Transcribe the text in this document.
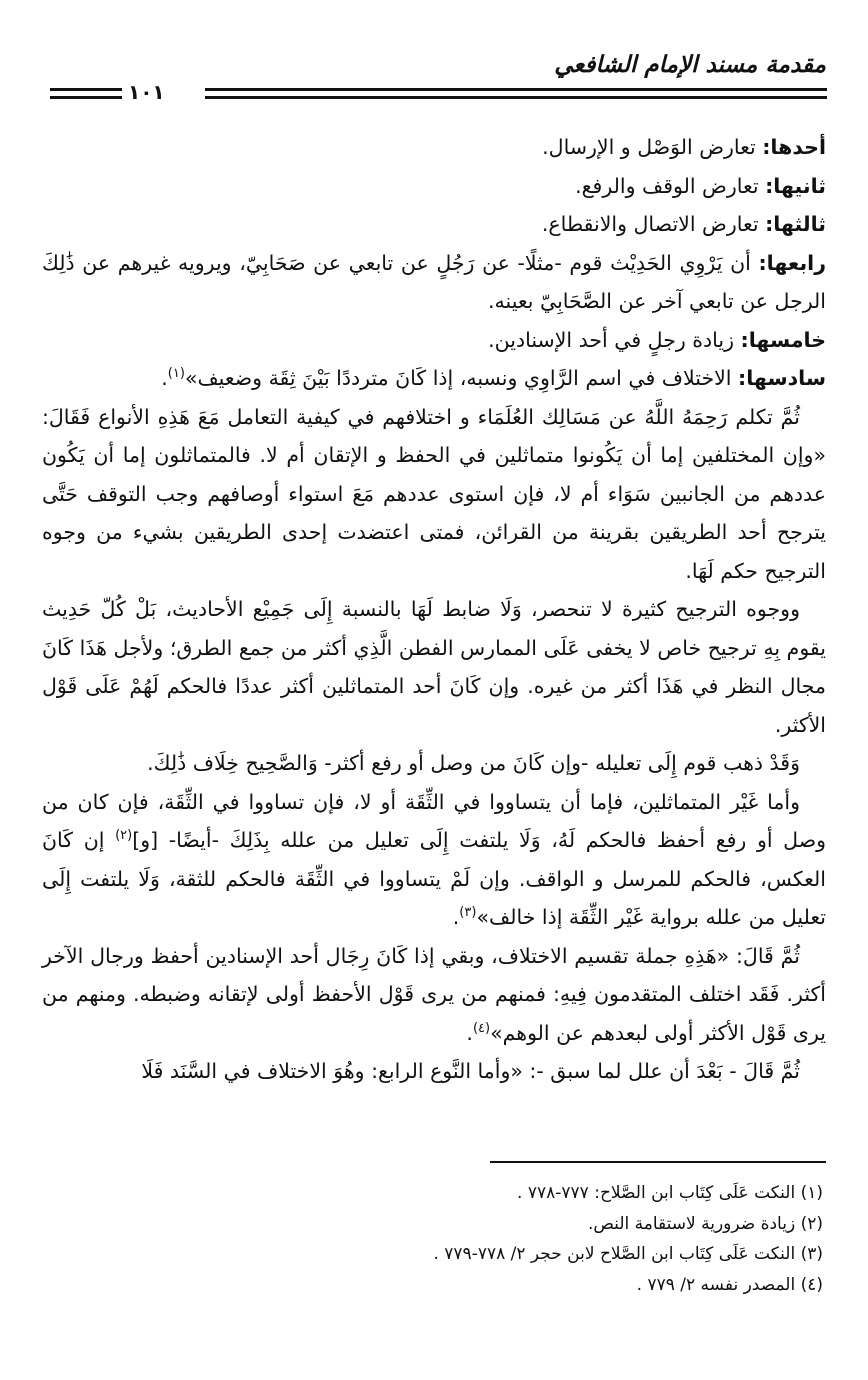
مقدمة مسند الإمام الشافعي
١٠١

أحدها: تعارض الوَصْل و الإرسال.

ثانيها: تعارض الوقف والرفع.

ثالثها: تعارض الاتصال والانقطاع.

رابعها: أن يَرْوِي الحَدِيْث قوم -مثلًا- عن رَجُلٍ عن تابعي عن صَحَابِيّ، ويرويه غيرهم عن ذَٰلِكَ الرجل عن تابعي آخر عن الصَّحَابِيّ بعينه.

خامسها: زيادة رجلٍ في أحد الإسنادين.

سادسها: الاختلاف في اسم الرَّاوِي ونسبه، إذا كَانَ مترددًا بَيْنَ ثِقَة وضعيف»$^{(١)}$.

ثُمَّ تكلم رَحِمَهُ اللَّهُ عن مَسَالِك العُلَمَاء و اختلافهم في كيفية التعامل مَعَ هَذِهِ الأنواع فَقَالَ: «وإن المختلفين إما أن يَكُونوا متماثلين في الحفظ و الإتقان أم لا. فالمتماثلون إما أن يَكُون عددهم من الجانبين سَوَاء أم لا، فإن استوى عددهم مَعَ استواء أوصافهم وجب التوقف حَتَّى يترجح أحد الطريقين بقرينة من القرائن، فمتى اعتضدت إحدى الطريقين بشيء من وجوه الترجيح حكم لَهَا.

ووجوه الترجيح كثيرة لا تنحصر، وَلَا ضابط لَهَا بالنسبة إِلَى جَمِيْع الأحاديث، بَلْ كُلّ حَدِيث يقوم بِهِ ترجيح خاص لا يخفى عَلَى الممارس الفطن الَّذِي أكثر من جمع الطرق؛ ولأجل هَذَا كَانَ مجال النظر في هَذَا أكثر من غيره. وإن كَانَ أحد المتماثلين أكثر عددًا فالحكم لَهُمْ عَلَى قَوْل الأكثر.

وَقَدْ ذهب قوم إِلَى تعليله -وإن كَانَ من وصل أو رفع أكثر- وَالصَّحِيح خِلَاف ذَٰلِكَ.

وأما غَيْر المتماثلين، فإما أن يتساووا في الثِّقَة أو لا، فإن تساووا في الثِّقَة، فإن كان من وصل أو رفع أحفظ فالحكم لَهُ، وَلَا يلتفت إِلَى تعليل من علله بِذَلِكَ -أيضًا- [و]$^{(٢)}$ إن كَانَ العكس، فالحكم للمرسل و الواقف. وإن لَمْ يتساووا في الثِّقَة فالحكم للثقة، وَلَا يلتفت إِلَى تعليل من علله برواية غَيْر الثِّقَة إذا خالف»$^{(٣)}$.

ثُمَّ قَالَ: «هَذِهِ جملة تقسيم الاختلاف، وبقي إذا كَانَ رِجَال أحد الإسنادين أحفظ ورجال الآخر أكثر. فَقَد اختلف المتقدمون فِيهِ: فمنهم من يرى قَوْل الأحفظ أولى لإتقانه وضبطه. ومنهم من يرى قَوْل الأكثر أولى لبعدهم عن الوهم»$^{(٤)}$.

ثُمَّ قَالَ - بَعْدَ أن علل لما سبق -: «وأما النَّوع الرابع: وهُوَ الاختلاف في السَّنَد فَلَا

(١) النكت عَلَى كِتَاب ابن الصَّلاح: ٧٧٧-٧٧٨ .
(٢) زيادة ضرورية لاستقامة النص.
(٣) النكت عَلَى كِتَاب ابن الصَّلاح لابن حجر ٢/ ٧٧٨-٧٧٩ .
(٤) المصدر نفسه ٢/ ٧٧٩ .
